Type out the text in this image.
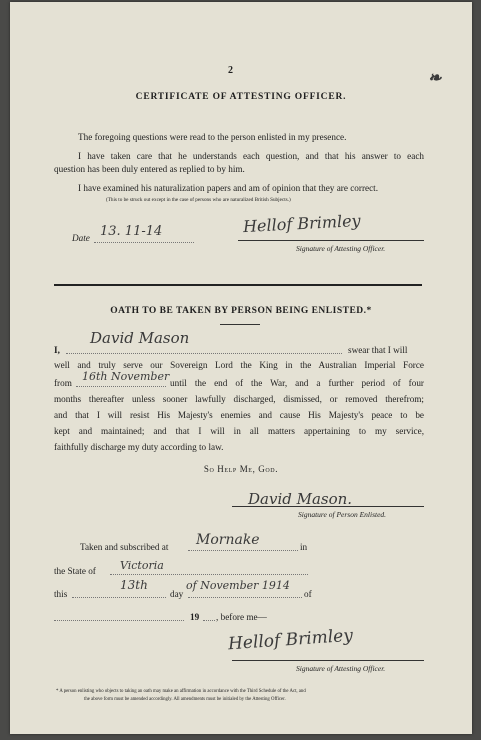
2	❧
CERTIFICATE OF ATTESTING OFFICER.
The foregoing questions were read to the person enlisted in my presence.
I have taken care that he understands each question, and that his answer to each
question has been duly entered as replied to by him.
I have examined his naturalization papers and am of opinion that they are correct.
(This to be struck out except in the case of persons who are naturalized British Subjects.)
Date 13. 11-14	Hellof Brimley
Signature of Attesting Officer.
OATH TO BE TAKEN BY PERSON BEING ENLISTED.*
I,
David Mason
swear that I will
well and truly serve our Sovereign Lord the King in the Australian Imperial Force
from 16th November until the end of the War, and a further period of four
months thereafter unless sooner lawfully discharged, dismissed, or removed therefrom;
and that I will resist His Majesty's enemies and cause His Majesty's peace to be
kept and maintained; and that I will in all matters appertaining to my service,
faithfully discharge my duty according to law.
So Help Me, God.
David Mason.
Signature of Person Enlisted.
Taken and subscribed at Mornake	in
the State of Victoria
this
13th
day
of November 1914
of
19 , before me—
Hellof Brimley
Signature of Attesting Officer.
* A person enlisting who objects to taking an oath may make an affirmation in accordance with the Third Schedule of the Act, and
the above form must be amended accordingly. All amendments must be initialed by the Attesting Officer.
